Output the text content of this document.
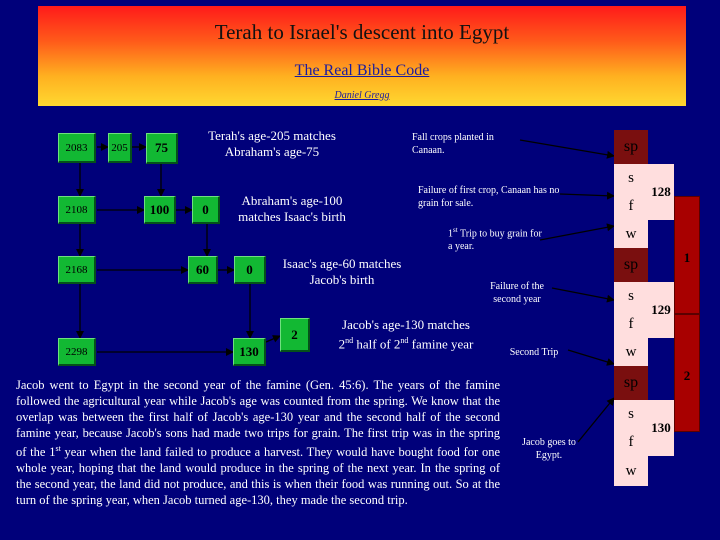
Terah to Israel's descent into Egypt
The Real Bible Code
Daniel Gregg
2083
2108
2168
2298
205	75
100	0
60	0
130
2
Terah's age-205 matches Abraham's age-75
Abraham's age-100 matches Isaac's birth
Isaac's age-60 matches Jacob's birth
Jacob's age-130 matches
2nd half of 2nd famine year
Fall crops planted in Canaan.
Failure of first crop, Canaan has no grain for sale.
1st Trip to buy grain for a year.
Failure of the second year
Second Trip
Jacob goes to Egypt.
Jacob went to Egypt in the second year of the famine (Gen. 45:6). The years of the famine followed the agricultural year while Jacob's age was counted from the spring. We know that the overlap was between the first half of Jacob's age-130 year and the second half of the second famine year, because Jacob's sons had made two trips for grain. The first trip was in the spring of the 1st year when the land failed to produce a harvest. They would have bought food for one whole year, hoping that the land would produce in the spring of the next year. In the spring of the second year, the land did not produce, and this is when their food was running out. So at the turn of the spring year, when Jacob turned age-130, they made the second trip.
sp
s
f
w
sp
s
f
w
sp
s
f
w
128
129
130
1
2
